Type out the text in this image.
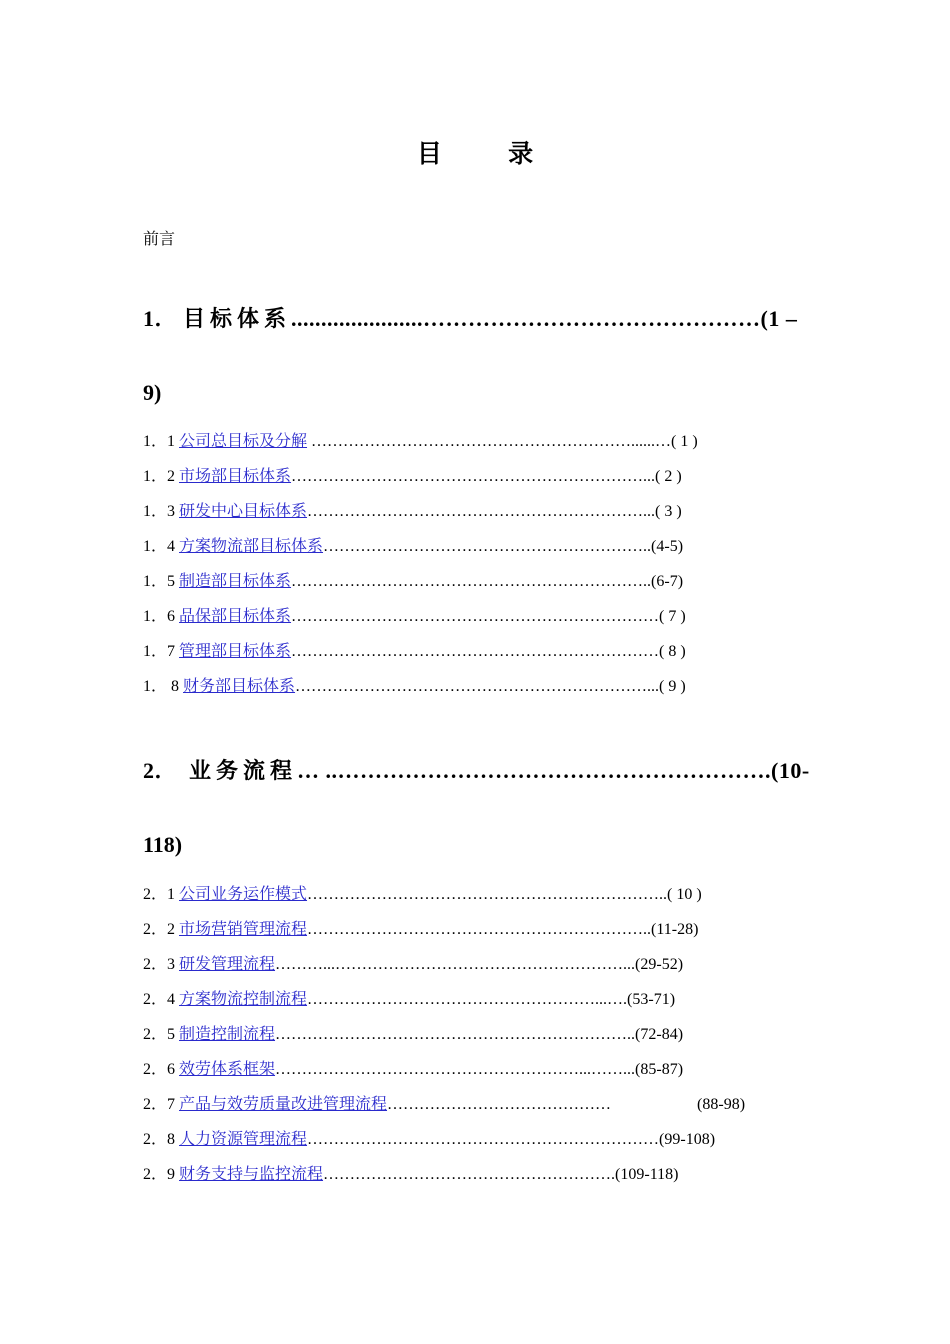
目 录
前言
1． 目标体系......................………………………………………(1 –
9)
1．1 公司总目标及分解 ……………………………………………………......…( 1 )
1．2 市场部目标体系…………………………………………………………...( 2 )
1．3 研发中心目标体系………………………………………………………...( 3 )
1．4 方案物流部目标体系……………………………………………………..(4-5)
1．5 制造部目标体系…………………………………………………………..(6-7)
1．6 品保部目标体系……………………………………………………………( 7 )
1．7 管理部目标体系……………………………………………………………( 8 )
1． 8 财务部目标体系…………………………………………………………...( 9 )
2． 业务流程… ..………………………………………………….(10-
118)
2．1 公司业务运作模式…………………………………………………………..( 10 )
2．2 市场营销管理流程………………………………………………………..(11-28)
2．3 研发管理流程………...………………………………………………...(29-52)
2．4 方案物流控制流程………………………………………………...….(53-71)
2．5 制造控制流程…………………………………………………………..(72-84)
2．6 效劳体系框架…………………………………………………...……...(85-87)
2．7 产品与效劳质量改进管理流程……………………………………	(88-98)
2．8 人力资源管理流程…………………………………………………………(99-108)
2．9 财务支持与监控流程……………………………………………….(109-118)
